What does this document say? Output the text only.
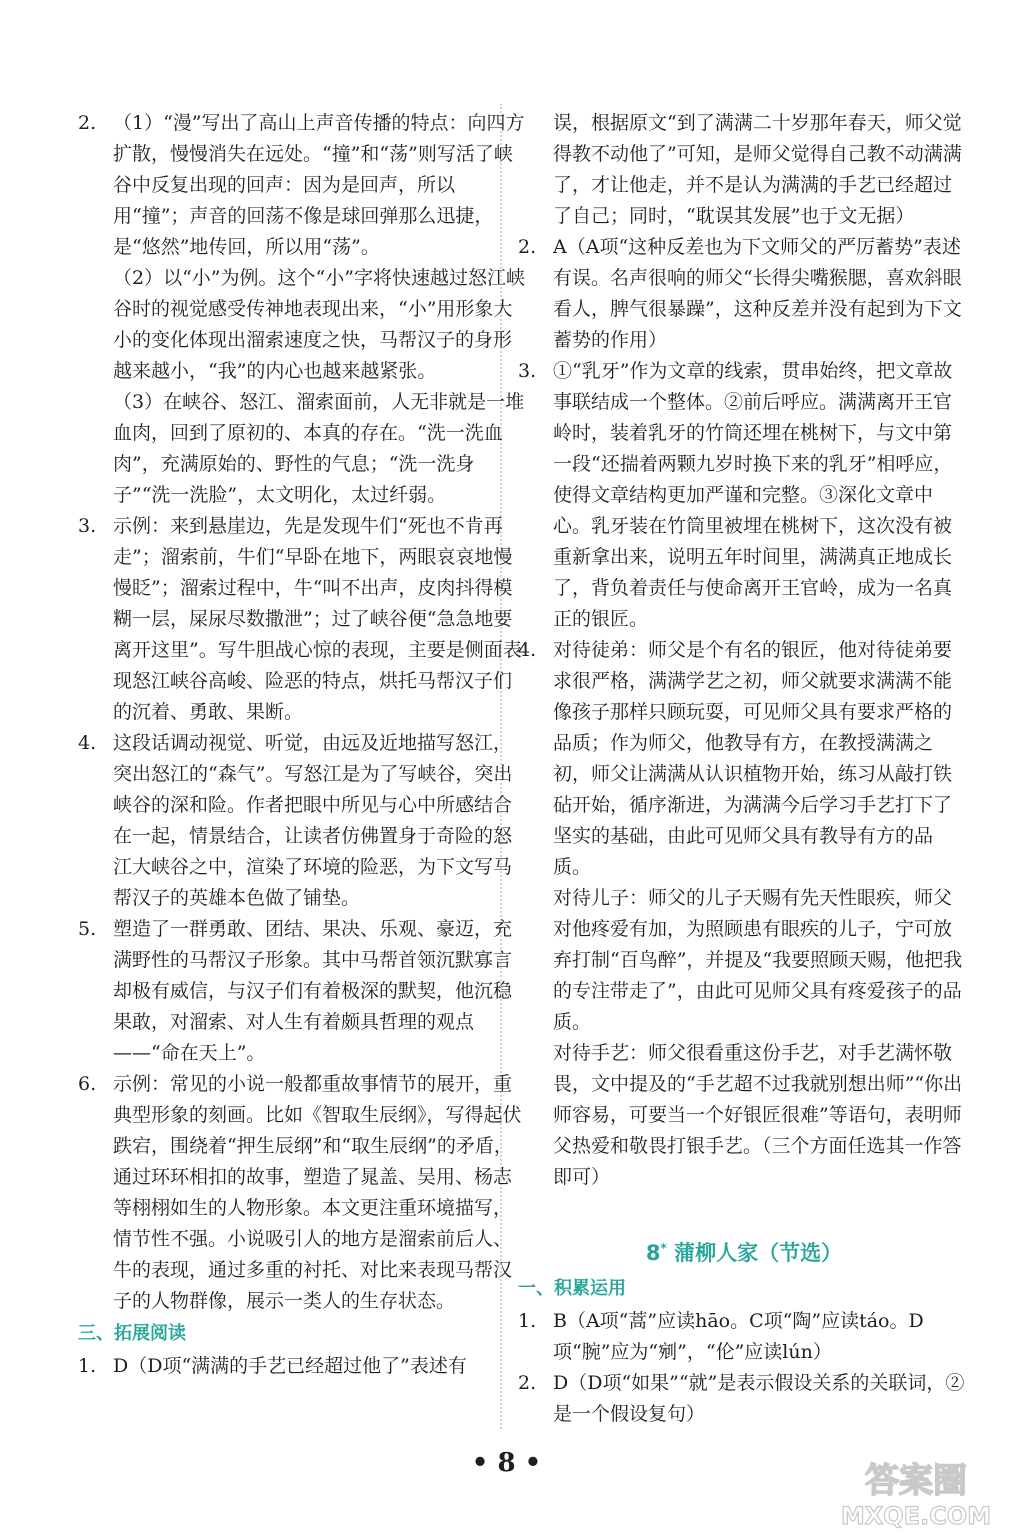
2. （1）“漫”写出了高山上声音传播的特点：向四方扩散，慢慢消失在远处。“撞”和“荡”则写活了峡谷中反复出现的回声：因为是回声，所以用“撞”；声音的回荡不像是球回弹那么迅捷，是“悠然”地传回，所以用“荡”。

（2）以“小”为例。这个“小”字将快速越过怒江峡谷时的视觉感受传神地表现出来，“小”用形象大小的变化体现出溜索速度之快，马帮汉子的身形越来越小，“我”的内心也越来越紧张。

（3）在峡谷、怒江、溜索面前，人无非就是一堆血肉，回到了原初的、本真的存在。“洗一洗血肉”，充满原始的、野性的气息；“洗一洗身子”“洗一洗脸”，太文明化，太过纤弱。

3. 示例：来到悬崖边，先是发现牛们“死也不肯再走”；溜索前，牛们“早卧在地下，两眼哀哀地慢慢眨”；溜索过程中，牛“叫不出声，皮肉抖得模糊一层，屎尿尽数撒泄”；过了峡谷便“急急地要离开这里”。写牛胆战心惊的表现，主要是侧面表现怒江峡谷高峻、险恶的特点，烘托马帮汉子们的沉着、勇敢、果断。

4. 这段话调动视觉、听觉，由远及近地描写怒江，突出怒江的“森气”。写怒江是为了写峡谷，突出峡谷的深和险。作者把眼中所见与心中所感结合在一起，情景结合，让读者仿佛置身于奇险的怒江大峡谷之中，渲染了环境的险恶，为下文写马帮汉子的英雄本色做了铺垫。

5. 塑造了一群勇敢、团结、果决、乐观、豪迈，充满野性的马帮汉子形象。其中马帮首领沉默寡言却极有威信，与汉子们有着极深的默契，他沉稳果敢，对溜索、对人生有着颇具哲理的观点——“命在天上”。

6. 示例：常见的小说一般都重故事情节的展开，重典型形象的刻画。比如《智取生辰纲》，写得起伏跌宕，围绕着“押生辰纲”和“取生辰纲”的矛盾，通过环环相扣的故事，塑造了晁盖、吴用、杨志等栩栩如生的人物形象。本文更注重环境描写，情节性不强。小说吸引人的地方是溜索前后人、牛的表现，通过多重的衬托、对比来表现马帮汉子的人物群像，展示一类人的生存状态。

三、拓展阅读
1. D（D项“满满的手艺已经超过他了”表述有

误，根据原文“到了满满二十岁那年春天，师父觉得教不动他了”可知，是师父觉得自己教不动满满了，才让他走，并不是认为满满的手艺已经超过了自己；同时，“耽误其发展”也于文无据）

2. A（A项“这种反差也为下文师父的严厉蓄势”表述有误。名声很响的师父“长得尖嘴猴腮，喜欢斜眼看人，脾气很暴躁”，这种反差并没有起到为下文蓄势的作用）

3. ①“乳牙”作为文章的线索，贯串始终，把文章故事联结成一个整体。②前后呼应。满满离开王官岭时，装着乳牙的竹筒还埋在桃树下，与文中第一段“还揣着两颗九岁时换下来的乳牙”相呼应，使得文章结构更加严谨和完整。③深化文章中心。乳牙装在竹筒里被埋在桃树下，这次没有被重新拿出来，说明五年时间里，满满真正地成长了，背负着责任与使命离开王官岭，成为一名真正的银匠。

4. 对待徒弟：师父是个有名的银匠，他对待徒弟要求很严格，满满学艺之初，师父就要求满满不能像孩子那样只顾玩耍，可见师父具有要求严格的品质；作为师父，他教导有方，在教授满满之初，师父让满满从认识植物开始，练习从敲打铁砧开始，循序渐进，为满满今后学习手艺打下了坚实的基础，由此可见师父具有教导有方的品质。

对待儿子：师父的儿子天赐有先天性眼疾，师父对他疼爱有加，为照顾患有眼疾的儿子，宁可放弃打制“百鸟醉”，并提及“我要照顾天赐，他把我的专注带走了”，由此可见师父具有疼爱孩子的品质。

对待手艺：师父很看重这份手艺，对手艺满怀敬畏，文中提及的“手艺超不过我就别想出师”“你出师容易，可要当一个好银匠很难”等语句，表明师父热爱和敬畏打银手艺。（三个方面任选其一作答即可）

8* 蒲柳人家（节选）
一、积累运用
1. B（A项“蒿”应读hāo。C项“陶”应读táo。D项“腕”应为“剜”，“伦”应读lún）

2. D（D项“如果”“就”是表示假设关系的关联词，②是一个假设复句）

• 8 •	答案圈
MXQE.COM
